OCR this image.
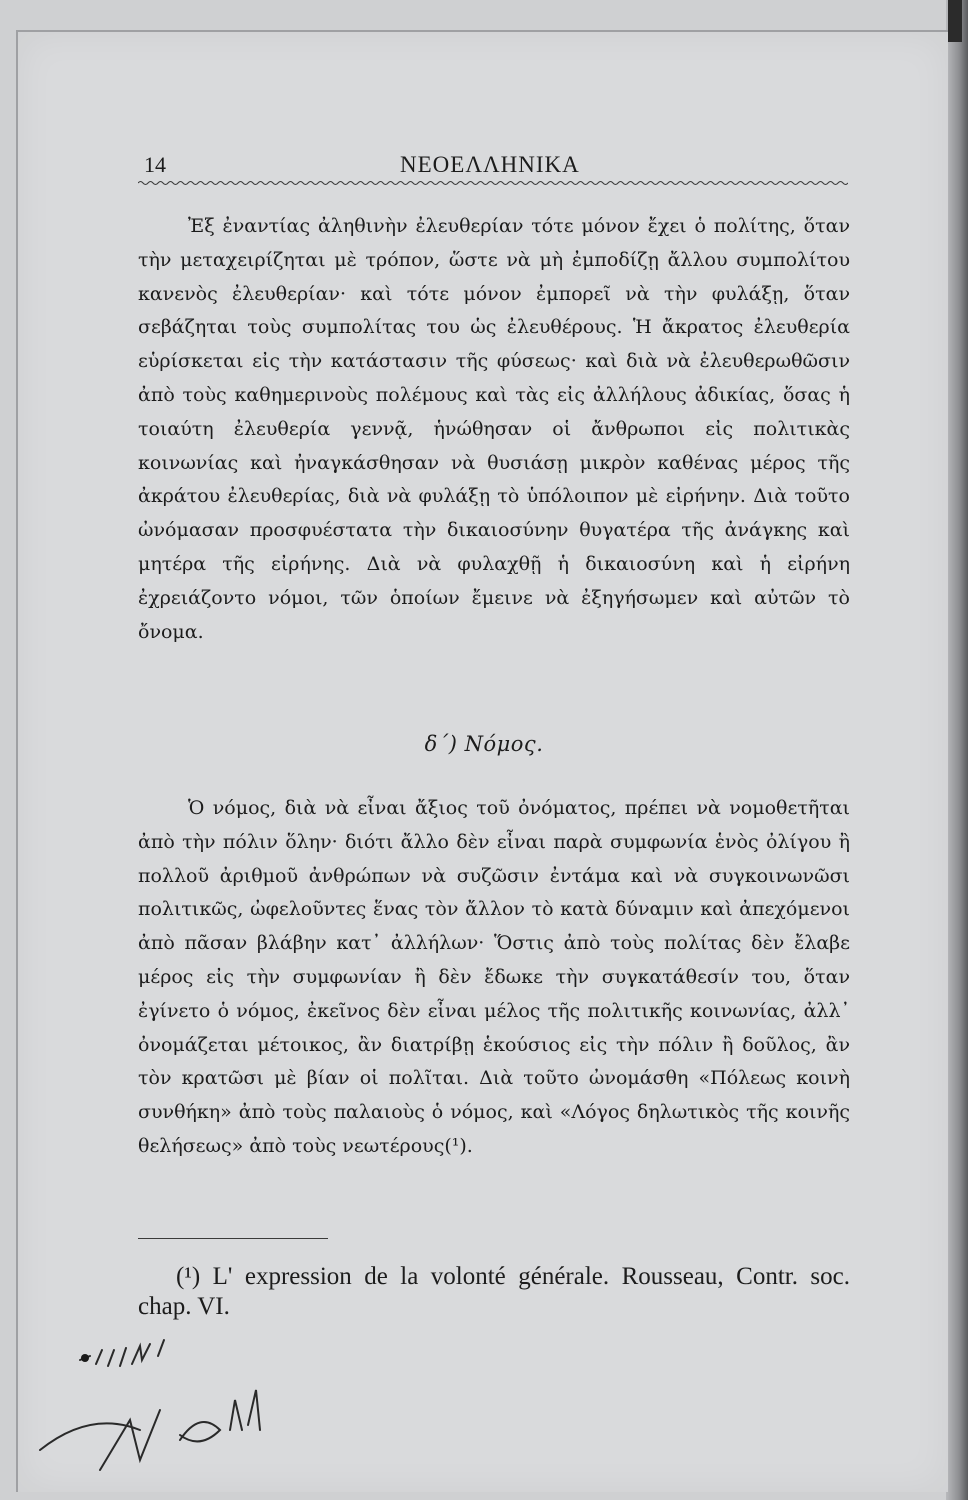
14	ΝΕΟΕΛΛΗΝΙΚΑ

Ἐξ ἐναντίας ἀληθινὴν ἐλευθερίαν τότε μόνον ἔχει ὁ πολίτης, ὅταν τὴν μεταχειρίζηται μὲ τρόπον, ὥστε νὰ μὴ ἐμποδίζῃ ἄλλου συμπολίτου κανενὸς ἐλευθερίαν· καὶ τότε μόνον ἐμπορεῖ νὰ τὴν φυλάξῃ, ὅταν σεβάζηται τοὺς συμπολίτας του ὡς ἐλευθέρους. Ἡ ἄκρατος ἐλευθερία εὑρίσκεται εἰς τὴν κατάστασιν τῆς φύσεως· καὶ διὰ νὰ ἐλευθερωθῶσιν ἀπὸ τοὺς καθημερινοὺς πολέμους καὶ τὰς εἰς ἀλλήλους ἀδικίας, ὅσας ἡ τοιαύτη ἐλευθερία γεννᾷ, ἡνώθησαν οἱ ἄνθρωποι εἰς πολιτικὰς κοινωνίας καὶ ἠναγκάσθησαν νὰ θυσιάσῃ μικρὸν καθένας μέρος τῆς ἀκράτου ἐλευθερίας, διὰ νὰ φυλάξῃ τὸ ὑπόλοιπον μὲ εἰρήνην. Διὰ τοῦτο ὠνόμασαν προσφυέστατα τὴν δικαιοσύνην θυγατέρα τῆς ἀνάγκης καὶ μητέρα τῆς εἰρήνης. Διὰ νὰ φυλαχθῇ ἡ δικαιοσύνη καὶ ἡ εἰρήνη ἐχρειάζοντο νόμοι, τῶν ὁποίων ἔμεινε νὰ ἐξηγήσωμεν καὶ αὐτῶν τὸ ὄνομα.

δ΄) Νόμος.

Ὁ νόμος, διὰ νὰ εἶναι ἄξιος τοῦ ὀνόματος, πρέπει νὰ νομοθετῆται ἀπὸ τὴν πόλιν ὅλην· διότι ἄλλο δὲν εἶναι παρὰ συμφωνία ἑνὸς ὀλίγου ἢ πολλοῦ ἀριθμοῦ ἀνθρώπων νὰ συζῶσιν ἐντάμα καὶ νὰ συγκοινωνῶσι πολιτικῶς, ὠφελοῦντες ἕνας τὸν ἄλλον τὸ κατὰ δύναμιν καὶ ἀπεχόμενοι ἀπὸ πᾶσαν βλάβην κατ᾽ ἀλλήλων· Ὅστις ἀπὸ τοὺς πολίτας δὲν ἔλαβε μέρος εἰς τὴν συμφωνίαν ἢ δὲν ἔδωκε τὴν συγκατάθεσίν του, ὅταν ἐγίνετο ὁ νόμος, ἐκεῖνος δὲν εἶναι μέλος τῆς πολιτικῆς κοινωνίας, ἀλλ᾽ ὀνομάζεται μέτοικος, ἂν διατρίβῃ ἑκούσιος εἰς τὴν πόλιν ἢ δοῦλος, ἂν τὸν κρατῶσι μὲ βίαν οἱ πολῖται. Διὰ τοῦτο ὠνομάσθη «Πόλεως κοινὴ συνθήκη» ἀπὸ τοὺς παλαιοὺς ὁ νόμος, καὶ «Λόγος δηλωτικὸς τῆς κοινῆς θελήσεως» ἀπὸ τοὺς νεωτέρους(¹).

(¹) L' expression de la volonté générale. Rousseau, Contr. soc. chap. VI.
